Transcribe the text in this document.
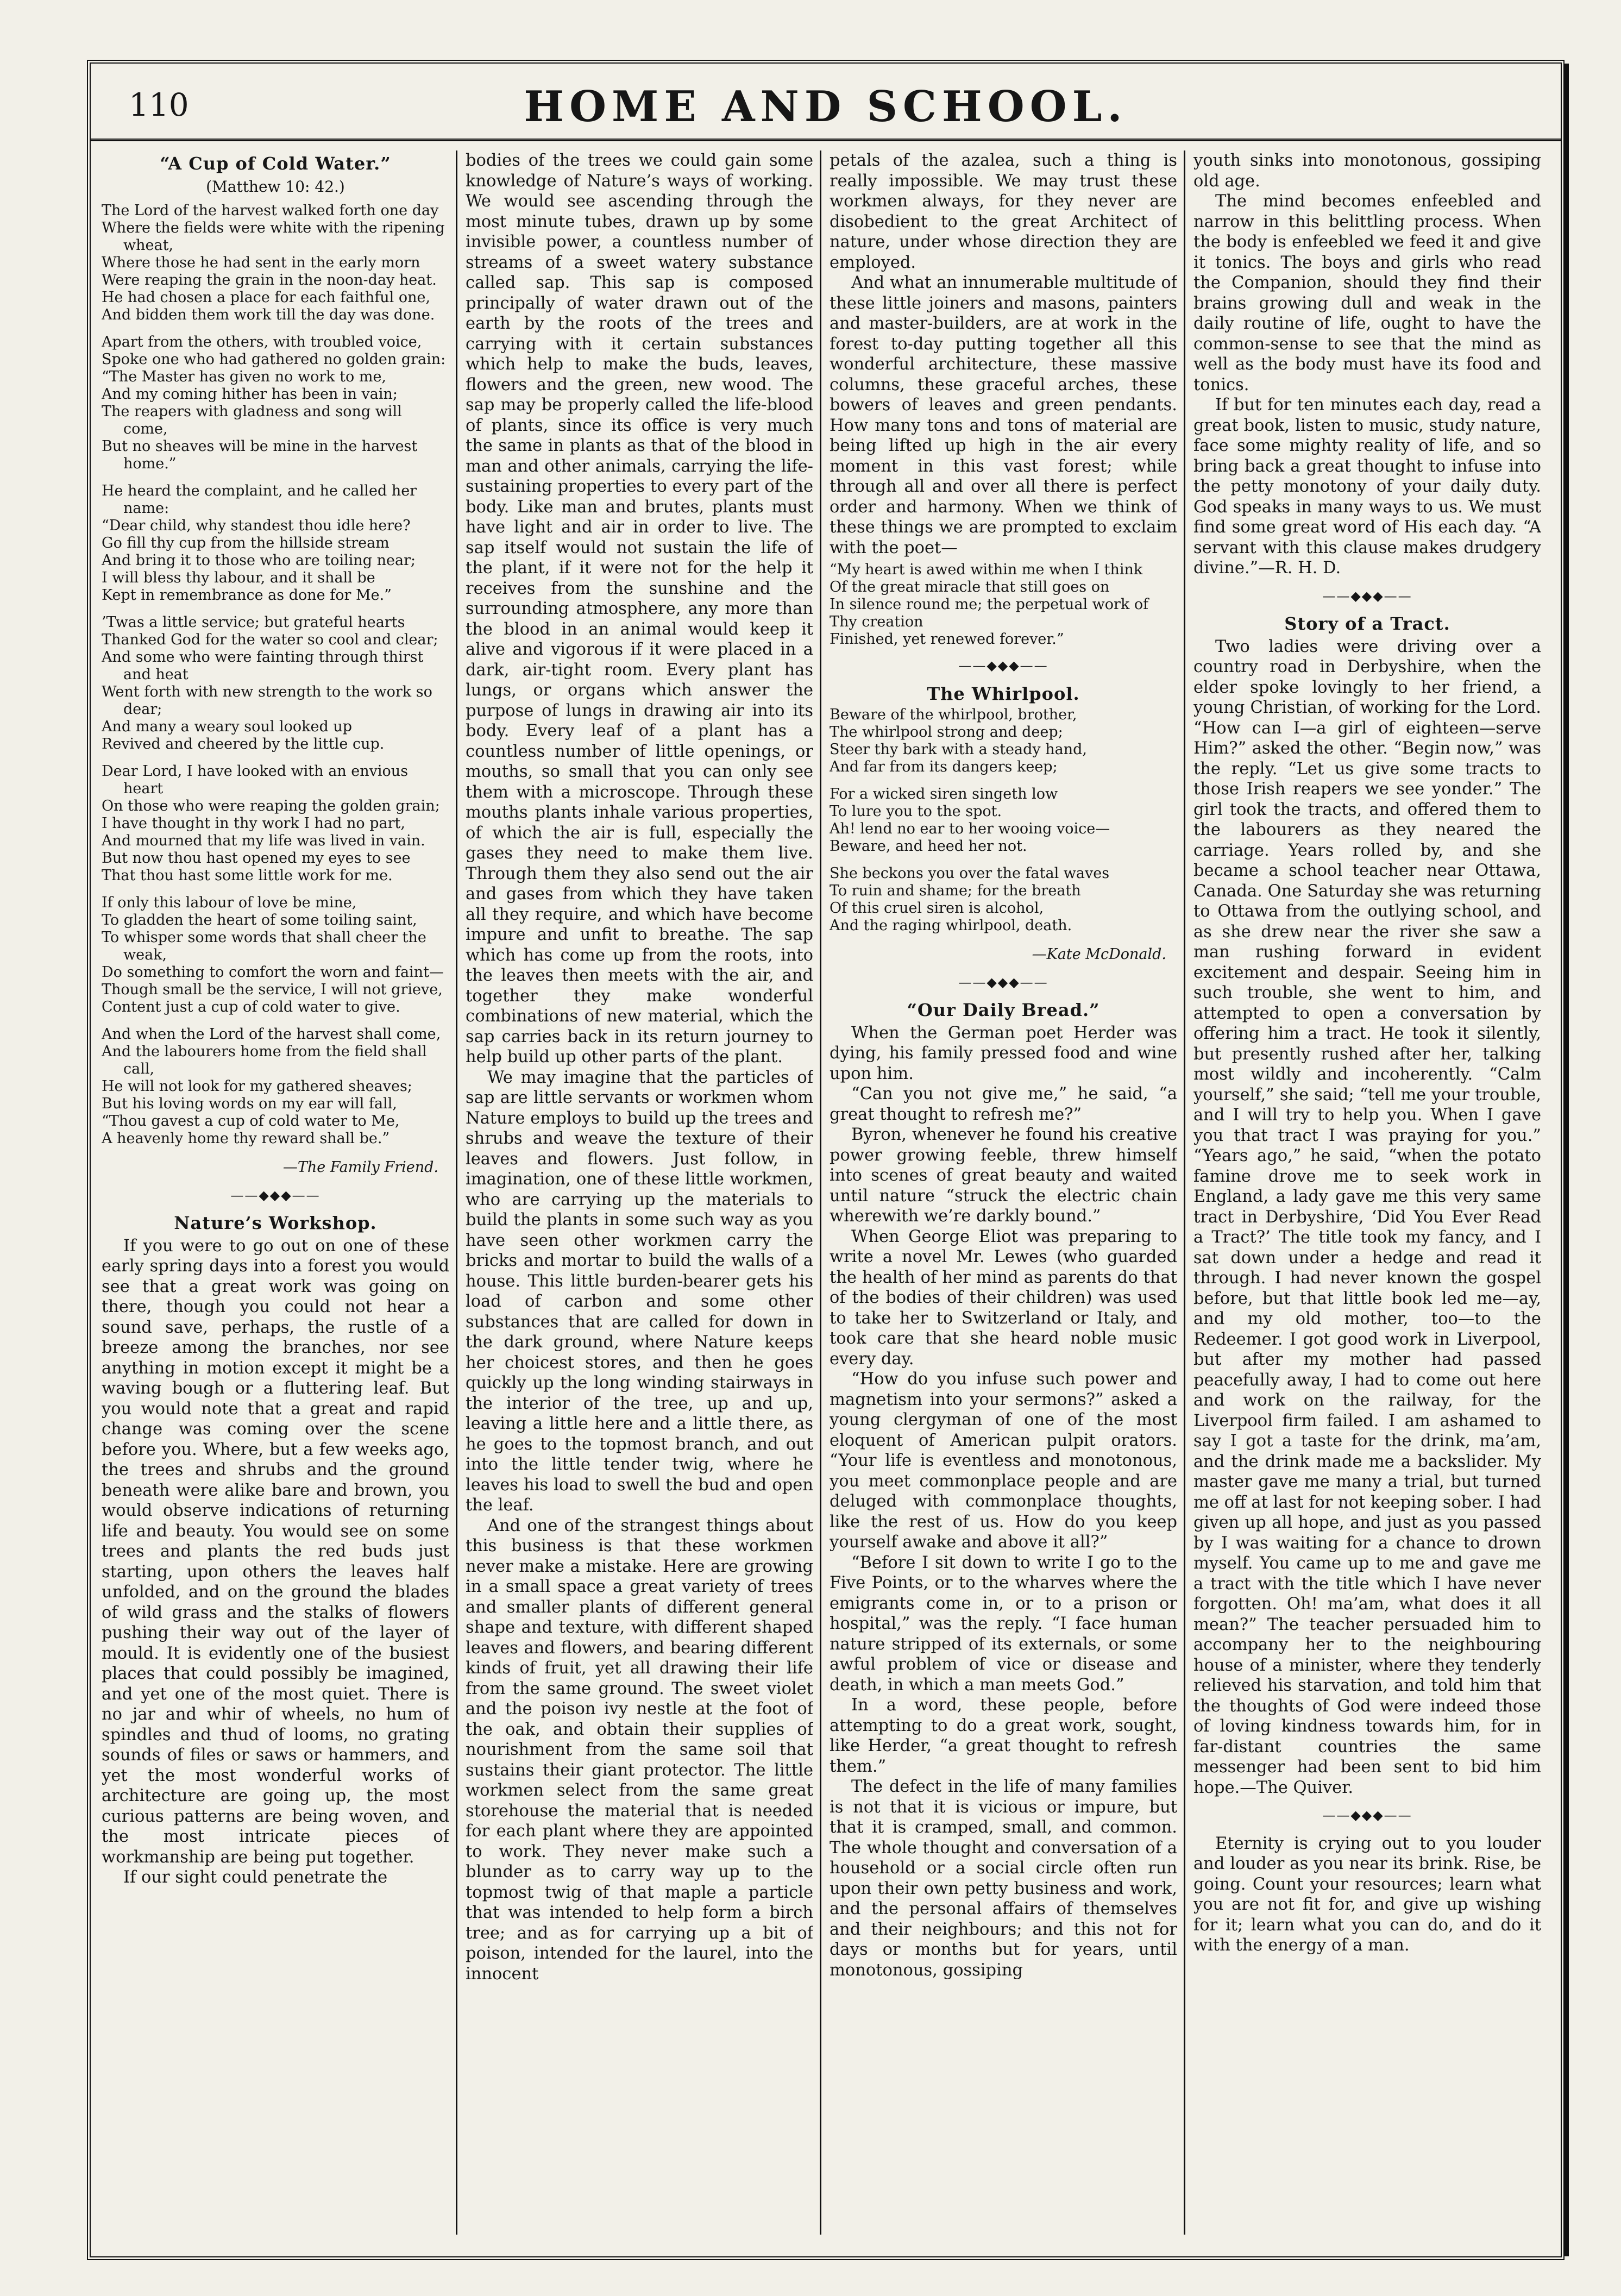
110	HOME AND SCHOOL.
“A Cup of Cold Water.”
(Matthew 10: 42.)
The Lord of the harvest walked forth one day
Where the fields were white with the ripening wheat,
Where those he had sent in the early morn
Were reaping the grain in the noon-day heat.
He had chosen a place for each faithful one,
And bidden them work till the day was done.
Apart from the others, with troubled voice,
Spoke one who had gathered no golden grain:
“The Master has given no work to me,
And my coming hither has been in vain;
The reapers with gladness and song will come,
But no sheaves will be mine in the harvest home.”
He heard the complaint, and he called her name:
“Dear child, why standest thou idle here?
Go fill thy cup from the hillside stream
And bring it to those who are toiling near;
I will bless thy labour, and it shall be
Kept in remembrance as done for Me.”
’Twas a little service; but grateful hearts
Thanked God for the water so cool and clear;
And some who were fainting through thirst and heat
Went forth with new strength to the work so dear;
And many a weary soul looked up
Revived and cheered by the little cup.
Dear Lord, I have looked with an envious heart
On those who were reaping the golden grain;
I have thought in thy work I had no part,
And mourned that my life was lived in vain.
But now thou hast opened my eyes to see
That thou hast some little work for me.
If only this labour of love be mine,
To gladden the heart of some toiling saint,
To whisper some words that shall cheer the weak,
Do something to comfort the worn and faint—
Though small be the service, I will not grieve,
Content just a cup of cold water to give.
And when the Lord of the harvest shall come,
And the labourers home from the field shall call,
He will not look for my gathered sheaves;
But his loving words on my ear will fall,
“Thou gavest a cup of cold water to Me,
A heavenly home thy reward shall be.”
—The Family Friend.
——◆◆◆——
Nature’s Workshop.

If you were to go out on one of these early spring days into a forest you would see that a great work was going on there, though you could not hear a sound save, perhaps, the rustle of a breeze among the branches, nor see anything in motion except it might be a waving bough or a fluttering leaf. But you would note that a great and rapid change was coming over the scene before you. Where, but a few weeks ago, the trees and shrubs and the ground beneath were alike bare and brown, you would observe indications of returning life and beauty. You would see on some trees and plants the red buds just starting, upon others the leaves half unfolded, and on the ground the blades of wild grass and the stalks of flowers pushing their way out of the layer of mould. It is evidently one of the busiest places that could possibly be imagined, and yet one of the most quiet. There is no jar and whir of wheels, no hum of spindles and thud of looms, no grating sounds of files or saws or hammers, and yet the most wonderful works of architecture are going up, the most curious patterns are being woven, and the most intricate pieces of workmanship are being put together.

If our sight could penetrate the

bodies of the trees we could gain some knowledge of Nature’s ways of working. We would see ascending through the most minute tubes, drawn up by some invisible power, a countless number of streams of a sweet watery substance called sap. This sap is composed principally of water drawn out of the earth by the roots of the trees and carrying with it certain substances which help to make the buds, leaves, flowers and the green, new wood. The sap may be properly called the life-blood of plants, since its office is very much the same in plants as that of the blood in man and other animals, carrying the life-sustaining properties to every part of the body. Like man and brutes, plants must have light and air in order to live. The sap itself would not sustain the life of the plant, if it were not for the help it receives from the sunshine and the surrounding atmosphere, any more than the blood in an animal would keep it alive and vigorous if it were placed in a dark, air-tight room. Every plant has lungs, or organs which answer the purpose of lungs in drawing air into its body. Every leaf of a plant has a countless number of little openings, or mouths, so small that you can only see them with a microscope. Through these mouths plants inhale various properties, of which the air is full, especially the gases they need to make them live. Through them they also send out the air and gases from which they have taken all they require, and which have become impure and unfit to breathe. The sap which has come up from the roots, into the leaves then meets with the air, and together they make wonderful combinations of new material, which the sap carries back in its return journey to help build up other parts of the plant.

We may imagine that the particles of sap are little servants or workmen whom Nature employs to build up the trees and shrubs and weave the texture of their leaves and flowers. Just follow, in imagination, one of these little workmen, who are carrying up the materials to build the plants in some such way as you have seen other workmen carry the bricks and mortar to build the walls of a house. This little burden-bearer gets his load of carbon and some other substances that are called for down in the dark ground, where Nature keeps her choicest stores, and then he goes quickly up the long winding stairways in the interior of the tree, up and up, leaving a little here and a little there, as he goes to the topmost branch, and out into the little tender twig, where he leaves his load to swell the bud and open the leaf.

And one of the strangest things about this business is that these workmen never make a mistake. Here are growing in a small space a great variety of trees and smaller plants of different general shape and texture, with different shaped leaves and flowers, and bearing different kinds of fruit, yet all drawing their life from the same ground. The sweet violet and the poison ivy nestle at the foot of the oak, and obtain their supplies of nourishment from the same soil that sustains their giant protector. The little workmen select from the same great storehouse the material that is needed for each plant where they are appointed to work. They never make such a blunder as to carry way up to the topmost twig of that maple a particle that was intended to help form a birch tree; and as for carrying up a bit of poison, intended for the laurel, into the innocent

petals of the azalea, such a thing is really impossible. We may trust these workmen always, for they never are disobedient to the great Architect of nature, under whose direction they are employed.

And what an innumerable multitude of these little joiners and masons, painters and master-builders, are at work in the forest to-day putting together all this wonderful architecture, these massive columns, these graceful arches, these bowers of leaves and green pendants. How many tons and tons of material are being lifted up high in the air every moment in this vast forest; while through all and over all there is perfect order and harmony. When we think of these things we are prompted to exclaim with the poet—

“My heart is awed within me when I think
Of the great miracle that still goes on
In silence round me; the perpetual work of
Thy creation
Finished, yet renewed forever.”
——◆◆◆——
The Whirlpool.
Beware of the whirlpool, brother,
The whirlpool strong and deep;
Steer thy bark with a steady hand,
And far from its dangers keep;
For a wicked siren singeth low
To lure you to the spot.
Ah! lend no ear to her wooing voice—
Beware, and heed her not.
She beckons you over the fatal waves
To ruin and shame; for the breath
Of this cruel siren is alcohol,
And the raging whirlpool, death.
—Kate McDonald.
——◆◆◆——
“Our Daily Bread.”

When the German poet Herder was dying, his family pressed food and wine upon him.

“Can you not give me,” he said, “a great thought to refresh me?”

Byron, whenever he found his creative power growing feeble, threw himself into scenes of great beauty and waited until nature “struck the electric chain wherewith we’re darkly bound.”

When George Eliot was preparing to write a novel Mr. Lewes (who guarded the health of her mind as parents do that of the bodies of their children) was used to take her to Switzerland or Italy, and took care that she heard noble music every day.

“How do you infuse such power and magnetism into your sermons?” asked a young clergyman of one of the most eloquent of American pulpit orators. “Your life is eventless and monotonous, you meet commonplace people and are deluged with commonplace thoughts, like the rest of us. How do you keep yourself awake and above it all?”

“Before I sit down to write I go to the Five Points, or to the wharves where the emigrants come in, or to a prison or hospital,” was the reply. “I face human nature stripped of its externals, or some awful problem of vice or disease and death, in which a man meets God.”

In a word, these people, before attempting to do a great work, sought, like Herder, “a great thought to refresh them.”

The defect in the life of many families is not that it is vicious or impure, but that it is cramped, small, and common. The whole thought and conversation of a household or a social circle often run upon their own petty business and work, and the personal affairs of themselves and their neighbours; and this not for days or months but for years, until monotonous, gossiping

youth sinks into monotonous, gossiping old age.

The mind becomes enfeebled and narrow in this belittling process. When the body is enfeebled we feed it and give it tonics. The boys and girls who read the Companion, should they find their brains growing dull and weak in the daily routine of life, ought to have the common-sense to see that the mind as well as the body must have its food and tonics.

If but for ten minutes each day, read a great book, listen to music, study nature, face some mighty reality of life, and so bring back a great thought to infuse into the petty monotony of your daily duty. God speaks in many ways to us. We must find some great word of His each day. “A servant with this clause makes drudgery divine.”—R. H. D.

——◆◆◆——
Story of a Tract.

Two ladies were driving over a country road in Derbyshire, when the elder spoke lovingly to her friend, a young Christian, of working for the Lord. “How can I—a girl of eighteen—serve Him?” asked the other. “Begin now,” was the reply. “Let us give some tracts to those Irish reapers we see yonder.” The girl took the tracts, and offered them to the labourers as they neared the carriage. Years rolled by, and she became a school teacher near Ottawa, Canada. One Saturday she was returning to Ottawa from the outlying school, and as she drew near the river she saw a man rushing forward in evident excitement and despair. Seeing him in such trouble, she went to him, and attempted to open a conversation by offering him a tract. He took it silently, but presently rushed after her, talking most wildly and incoherently. “Calm yourself,” she said; “tell me your trouble, and I will try to help you. When I gave you that tract I was praying for you.” “Years ago,” he said, “when the potato famine drove me to seek work in England, a lady gave me this very same tract in Derbyshire, ‘Did You Ever Read a Tract?’ The title took my fancy, and I sat down under a hedge and read it through. I had never known the gospel before, but that little book led me—ay, and my old mother, too—to the Redeemer. I got good work in Liverpool, but after my mother had passed peacefully away, I had to come out here and work on the railway, for the Liverpool firm failed. I am ashamed to say I got a taste for the drink, ma’am, and the drink made me a backslider. My master gave me many a trial, but turned me off at last for not keeping sober. I had given up all hope, and just as you passed by I was waiting for a chance to drown myself. You came up to me and gave me a tract with the title which I have never forgotten. Oh! ma’am, what does it all mean?” The teacher persuaded him to accompany her to the neighbouring house of a minister, where they tenderly relieved his starvation, and told him that the thoughts of God were indeed those of loving kindness towards him, for in far-distant countries the same messenger had been sent to bid him hope.—The Quiver.

——◆◆◆——

Eternity is crying out to you louder and louder as you near its brink. Rise, be going. Count your resources; learn what you are not fit for, and give up wishing for it; learn what you can do, and do it with the energy of a man.
